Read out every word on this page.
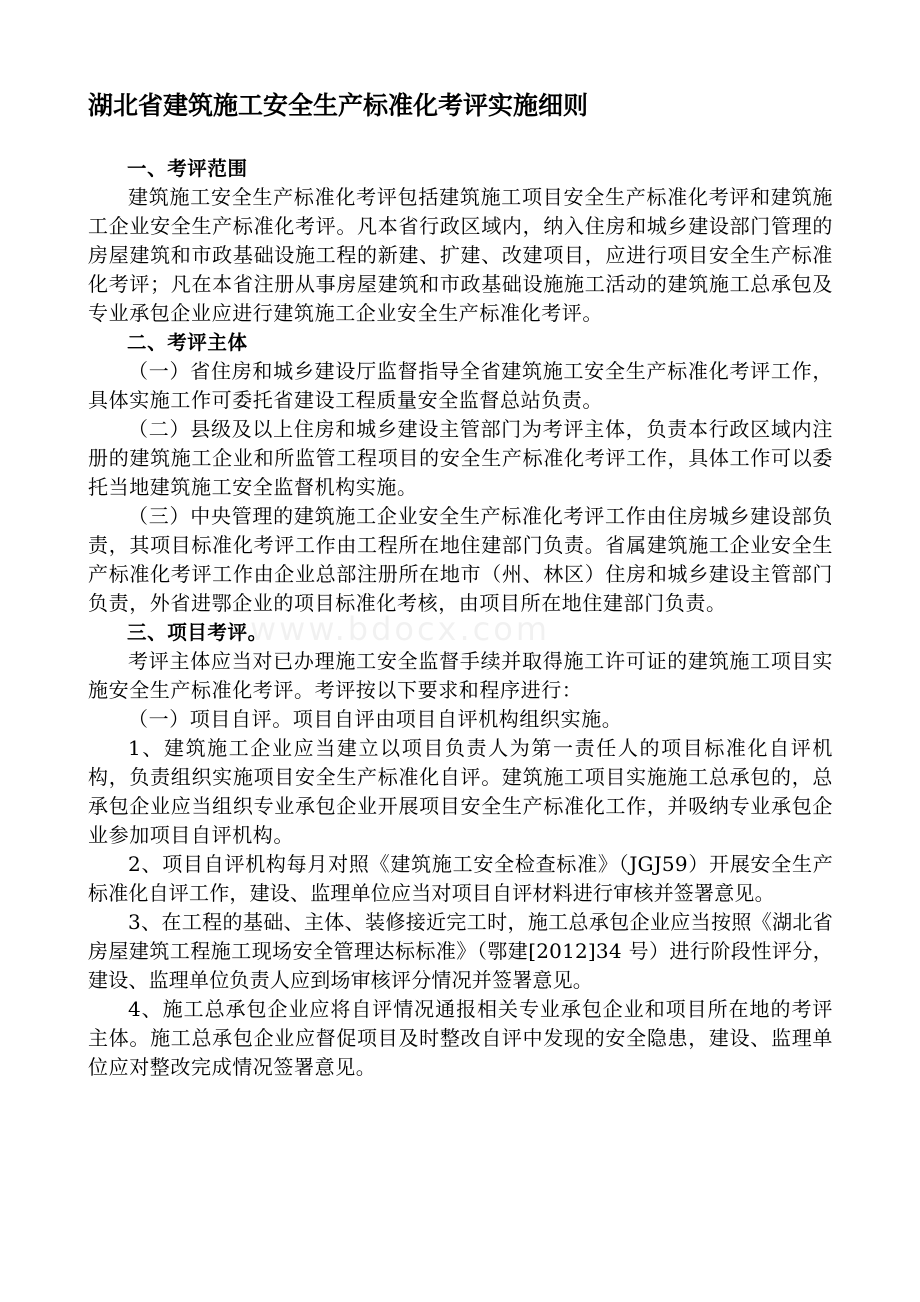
湖北省建筑施工安全生产标准化考评实施细则
www.bdocx.com

一、考评范围

建筑施工安全生产标准化考评包括建筑施工项目安全生产标准化考评和建筑施工企业安全生产标准化考评。凡本省行政区域内，纳入住房和城乡建设部门管理的房屋建筑和市政基础设施工程的新建、扩建、改建项目，应进行项目安全生产标准化考评；凡在本省注册从事房屋建筑和市政基础设施施工活动的建筑施工总承包及专业承包企业应进行建筑施工企业安全生产标准化考评。

二、考评主体

（一）省住房和城乡建设厅监督指导全省建筑施工安全生产标准化考评工作，具体实施工作可委托省建设工程质量安全监督总站负责。

（二）县级及以上住房和城乡建设主管部门为考评主体，负责本行政区域内注册的建筑施工企业和所监管工程项目的安全生产标准化考评工作，具体工作可以委托当地建筑施工安全监督机构实施。

（三）中央管理的建筑施工企业安全生产标准化考评工作由住房城乡建设部负责，其项目标准化考评工作由工程所在地住建部门负责。省属建筑施工企业安全生产标准化考评工作由企业总部注册所在地市（州、林区）住房和城乡建设主管部门负责，外省进鄂企业的项目标准化考核，由项目所在地住建部门负责。

三、项目考评。

考评主体应当对已办理施工安全监督手续并取得施工许可证的建筑施工项目实施安全生产标准化考评。考评按以下要求和程序进行：

（一）项目自评。项目自评由项目自评机构组织实施。

1、建筑施工企业应当建立以项目负责人为第一责任人的项目标准化自评机构，负责组织实施项目安全生产标准化自评。建筑施工项目实施施工总承包的，总承包企业应当组织专业承包企业开展项目安全生产标准化工作，并吸纳专业承包企业参加项目自评机构。

2、项目自评机构每月对照《建筑施工安全检查标准》（JGJ59）开展安全生产标准化自评工作，建设、监理单位应当对项目自评材料进行审核并签署意见。

3、在工程的基础、主体、装修接近完工时，施工总承包企业应当按照《湖北省房屋建筑工程施工现场安全管理达标标准》（鄂建[2012]34 号）进行阶段性评分，建设、监理单位负责人应到场审核评分情况并签署意见。

4、施工总承包企业应将自评情况通报相关专业承包企业和项目所在地的考评主体。施工总承包企业应督促项目及时整改自评中发现的安全隐患，建设、监理单位应对整改完成情况签署意见。
